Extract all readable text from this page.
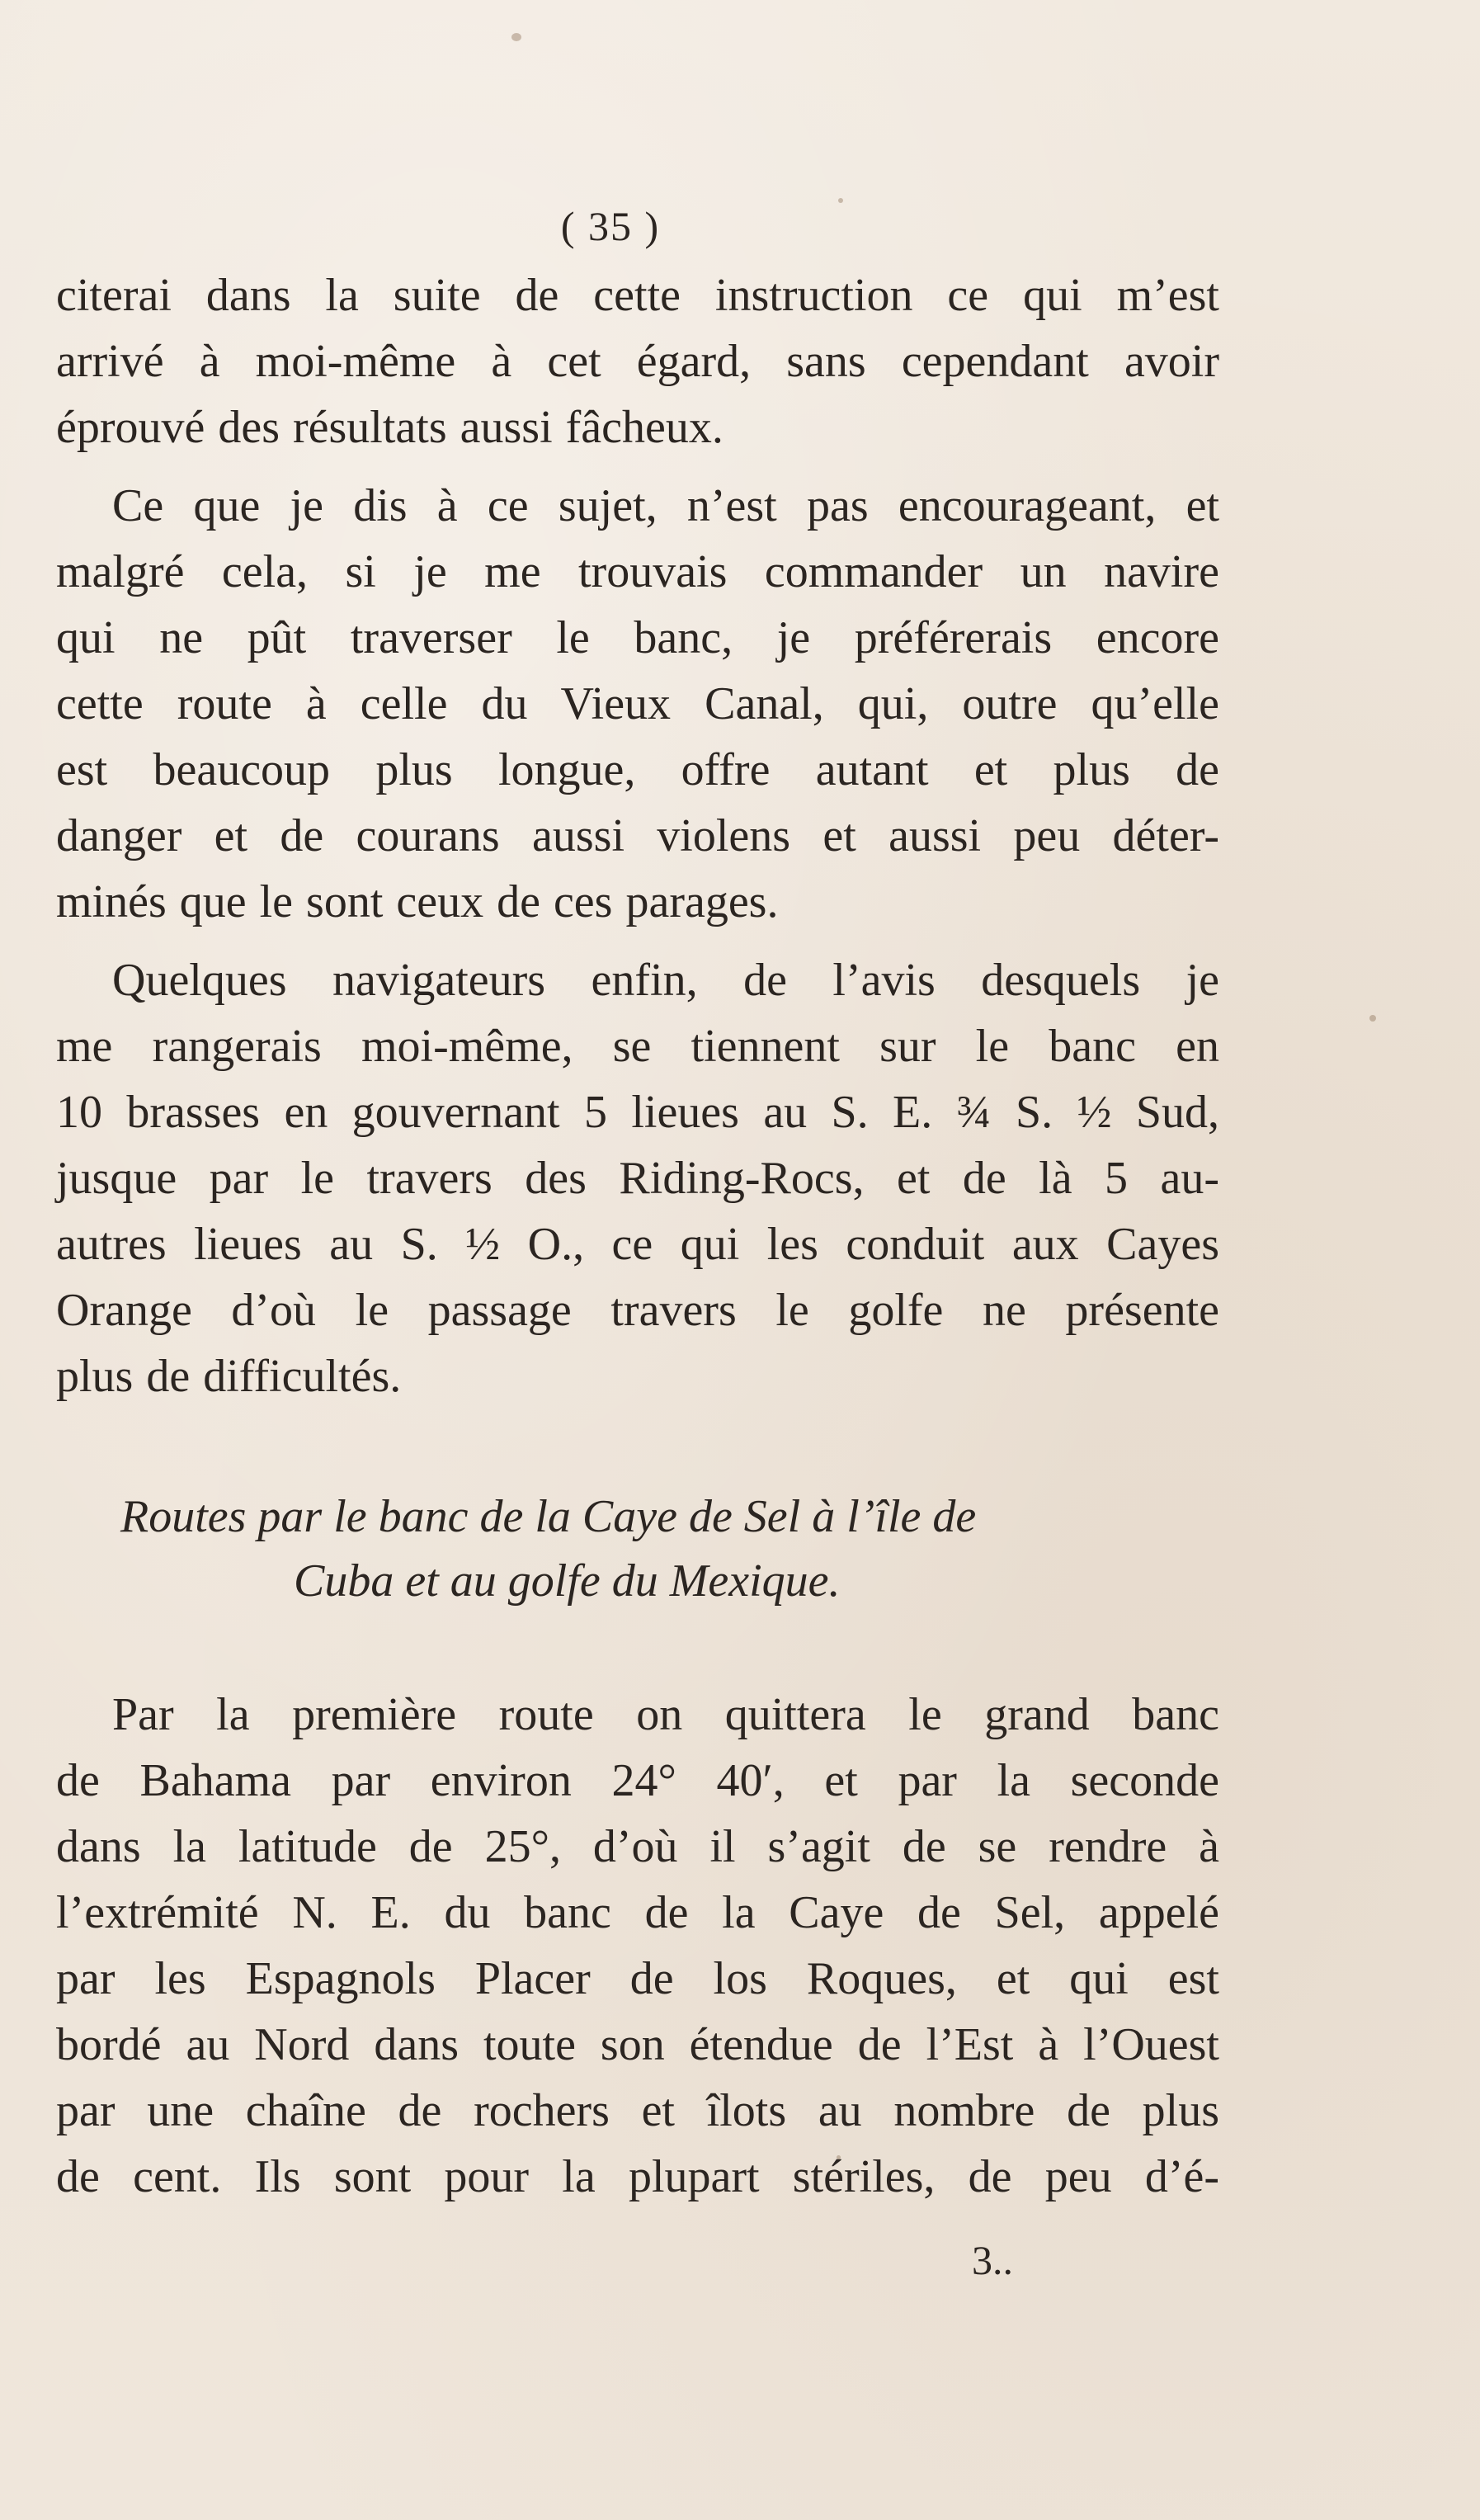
( 35 )
citerai dans la suite de cette instruction ce qui m’est
arrivé à moi-même à cet égard, sans cependant avoir
éprouvé des résultats aussi fâcheux.
Ce que je dis à ce sujet, n’est pas encourageant, et
malgré cela, si je me trouvais commander un navire
qui ne pût traverser le banc, je préférerais encore
cette route à celle du Vieux Canal, qui, outre qu’elle
est beaucoup plus longue, offre autant et plus de
danger et de courans aussi violens et aussi peu déter-
minés que le sont ceux de ces parages.
Quelques navigateurs enfin, de l’avis desquels je
me rangerais moi-même, se tiennent sur le banc en
10 brasses en gouvernant 5 lieues au S. E. ¾ S. ½ Sud,
jusque par le travers des Riding-Rocs, et de là 5 au-
autres lieues au S. ½ O., ce qui les conduit aux Cayes
Orange d’où le passage travers le golfe ne présente
plus de difficultés.
Routes par le banc de la Caye de Sel à l’île de
Cuba et au golfe du Mexique.
Par la première route on quittera le grand banc
de Bahama par environ 24° 40′, et par la seconde
dans la latitude de 25°, d’où il s’agit de se rendre à
l’extrémité N. E. du banc de la Caye de Sel, appelé
par les Espagnols Placer de los Roques, et qui est
bordé au Nord dans toute son étendue de l’Est à l’Ouest
par une chaîne de rochers et îlots au nombre de plus
de cent. Ils sont pour la plupart stériles, de peu d’é-
3..
